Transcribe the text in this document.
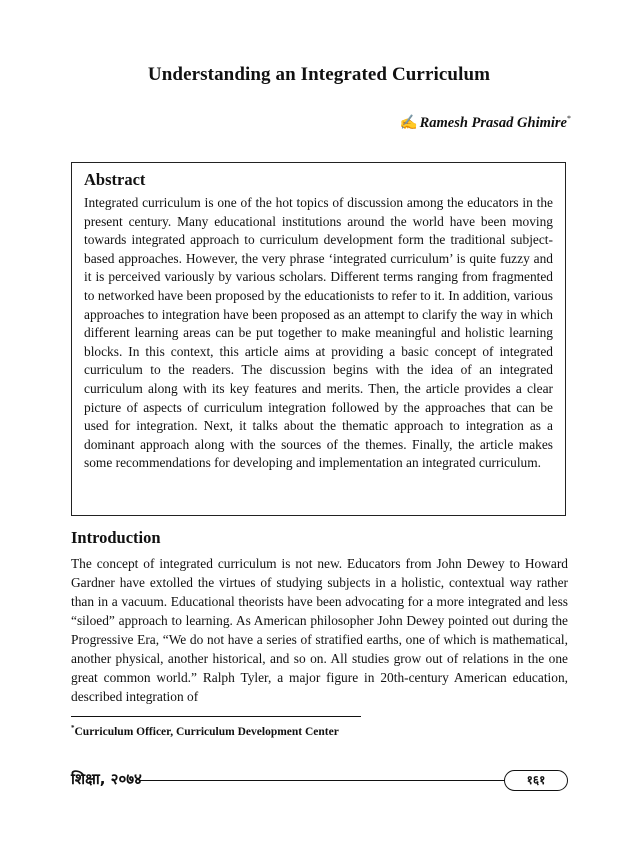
Understanding an Integrated Curriculum
✍ Ramesh Prasad Ghimire*
Abstract

Integrated curriculum is one of the hot topics of discussion among the educators in the present century. Many educational institutions around the world have been moving towards integrated approach to curriculum development form the traditional subject-based approaches. However, the very phrase ‘integrated curriculum’ is quite fuzzy and it is perceived variously by various scholars. Different terms ranging from fragmented to networked have been proposed by the educationists to refer to it. In addition, various approaches to integration have been proposed as an attempt to clarify the way in which different learning areas can be put together to make meaningful and holistic learning blocks. In this context, this article aims at providing a basic concept of integrated curriculum to the readers. The discussion begins with the idea of an integrated curriculum along with its key features and merits. Then, the article provides a clear picture of aspects of curriculum integration followed by the approaches that can be used for integration. Next, it talks about the thematic approach to integration as a dominant approach along with the sources of the themes. Finally, the article makes some recommendations for developing and implementation an integrated curriculum.

Introduction

The concept of integrated curriculum is not new. Educators from John Dewey to Howard Gardner have extolled the virtues of studying subjects in a holistic, contextual way rather than in a vacuum. Educational theorists have been advocating for a more integrated and less “siloed” approach to learning. As American philosopher John Dewey pointed out during the Progressive Era, “We do not have a series of stratified earths, one of which is mathematical, another physical, another historical, and so on. All studies grow out of relations in the one great common world.” Ralph Tyler, a major figure in 20th-century American education, described integration of

*Curriculum Officer, Curriculum Development Center
शिक्षा, २०७४	१६१
